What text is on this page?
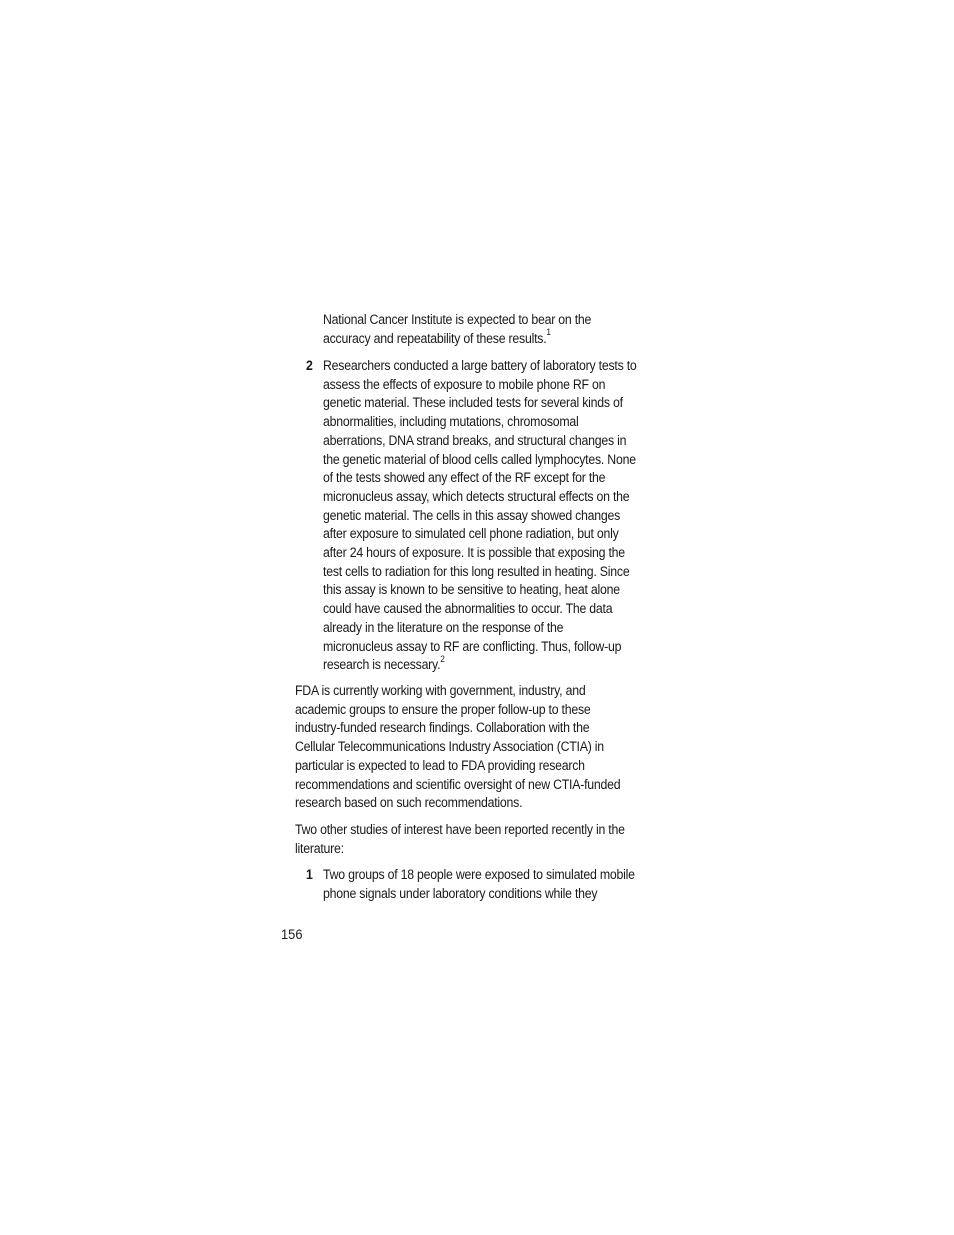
National Cancer Institute is expected to bear on the
accuracy and repeatability of these results.$^1$
2 Researchers conducted a large battery of laboratory tests to
assess the effects of exposure to mobile phone RF on
genetic material. These included tests for several kinds of
abnormalities, including mutations, chromosomal
aberrations, DNA strand breaks, and structural changes in
the genetic material of blood cells called lymphocytes. None
of the tests showed any effect of the RF except for the
micronucleus assay, which detects structural effects on the
genetic material. The cells in this assay showed changes
after exposure to simulated cell phone radiation, but only
after 24 hours of exposure. It is possible that exposing the
test cells to radiation for this long resulted in heating. Since
this assay is known to be sensitive to heating, heat alone
could have caused the abnormalities to occur. The data
already in the literature on the response of the
micronucleus assay to RF are conflicting. Thus, follow-up
research is necessary.$^2$
FDA is currently working with government, industry, and
academic groups to ensure the proper follow-up to these
industry-funded research findings. Collaboration with the
Cellular Telecommunications Industry Association (CTIA) in
particular is expected to lead to FDA providing research
recommendations and scientific oversight of new CTIA-funded
research based on such recommendations.
Two other studies of interest have been reported recently in the
literature:
1 Two groups of 18 people were exposed to simulated mobile
phone signals under laboratory conditions while they
156
